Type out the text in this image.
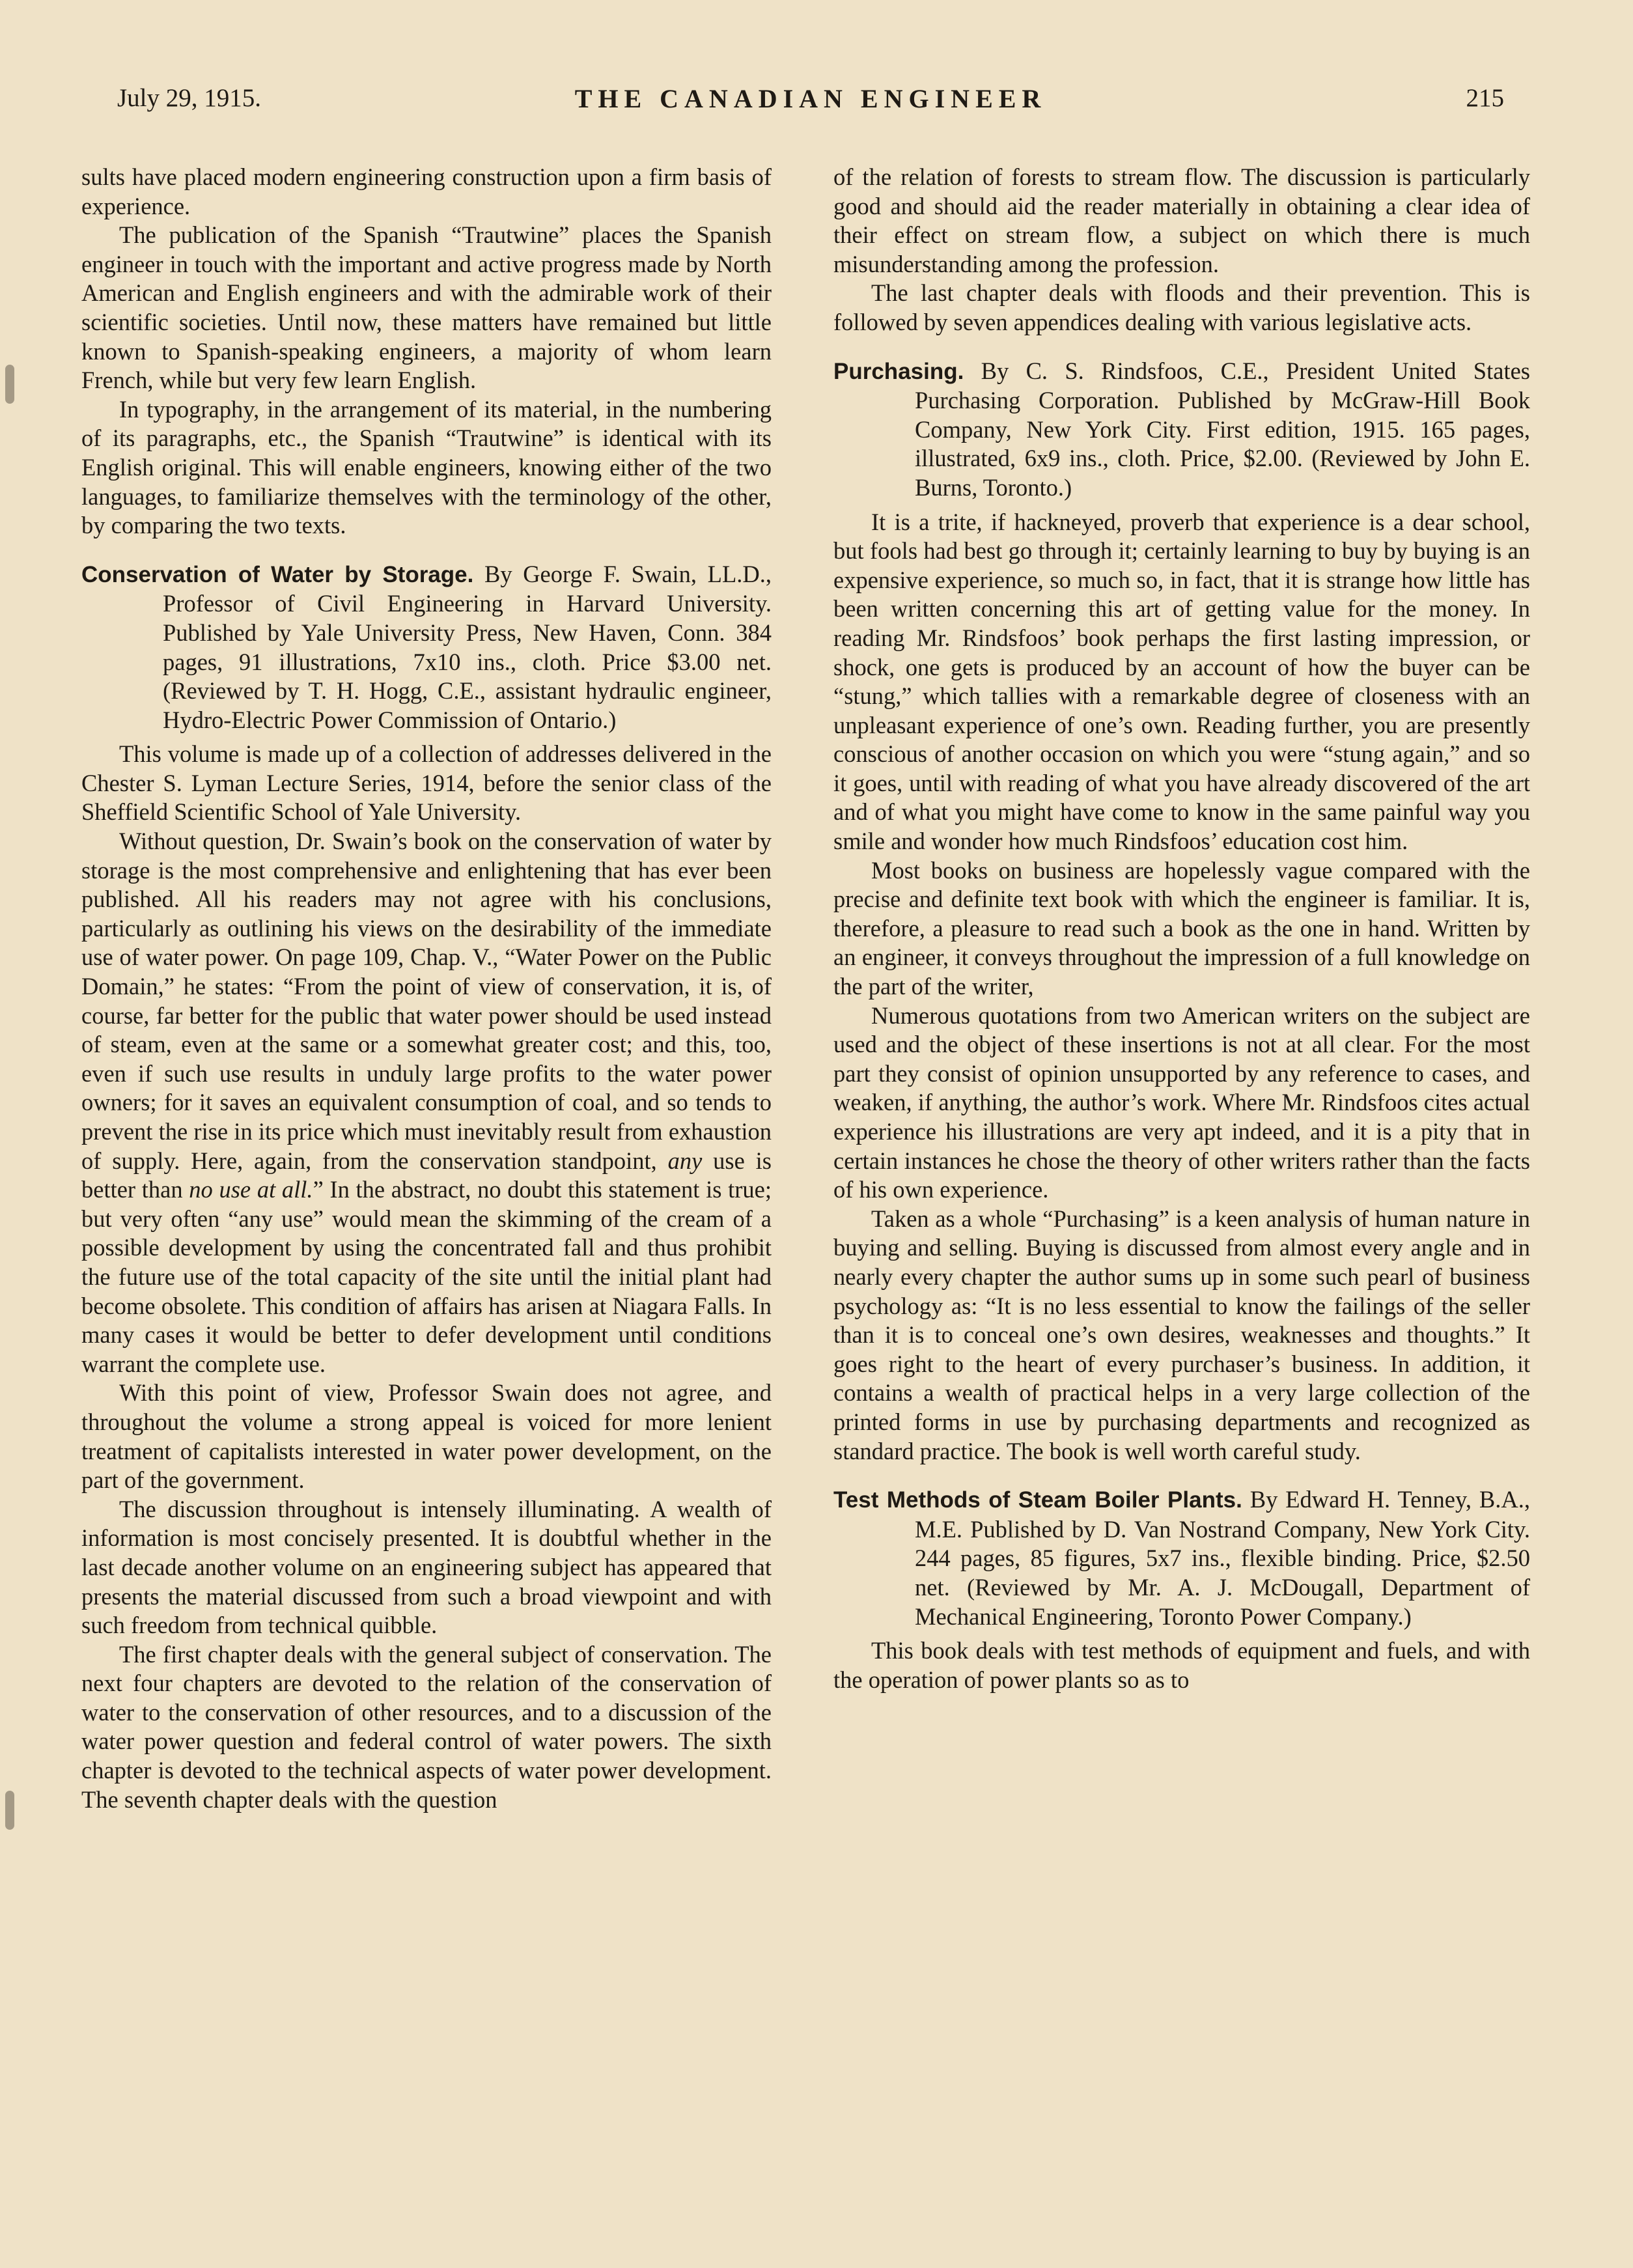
July 29, 1915.	THE CANADIAN ENGINEER	215

sults have placed modern engineering construction upon a firm basis of experience.

The publication of the Spanish “Trautwine” places the Spanish engineer in touch with the important and active progress made by North American and English engineers and with the admirable work of their scientific societies. Until now, these matters have remained but little known to Spanish-speaking engineers, a majority of whom learn French, while but very few learn English.

In typography, in the arrangement of its material, in the numbering of its paragraphs, etc., the Spanish “Trautwine” is identical with its English original. This will enable engineers, knowing either of the two languages, to familiarize themselves with the terminology of the other, by comparing the two texts.

Conservation of Water by Storage. By George F. Swain, LL.D., Professor of Civil Engineering in Harvard University. Published by Yale University Press, New Haven, Conn. 384 pages, 91 illustrations, 7x10 ins., cloth. Price $3.00 net. (Reviewed by T. H. Hogg, C.E., assistant hydraulic engineer, Hydro-Electric Power Commission of Ontario.)

This volume is made up of a collection of addresses delivered in the Chester S. Lyman Lecture Series, 1914, before the senior class of the Sheffield Scientific School of Yale University.

Without question, Dr. Swain’s book on the conservation of water by storage is the most comprehensive and enlightening that has ever been published. All his readers may not agree with his conclusions, particularly as outlining his views on the desirability of the immediate use of water power. On page 109, Chap. V., “Water Power on the Public Domain,” he states: “From the point of view of conservation, it is, of course, far better for the public that water power should be used instead of steam, even at the same or a somewhat greater cost; and this, too, even if such use results in unduly large profits to the water power owners; for it saves an equivalent consumption of coal, and so tends to prevent the rise in its price which must inevitably result from exhaustion of supply. Here, again, from the conservation standpoint, any use is better than no use at all.” In the abstract, no doubt this statement is true; but very often “any use” would mean the skimming of the cream of a possible development by using the concentrated fall and thus prohibit the future use of the total capacity of the site until the initial plant had become obsolete. This condition of affairs has arisen at Niagara Falls. In many cases it would be better to defer development until conditions warrant the complete use.

With this point of view, Professor Swain does not agree, and throughout the volume a strong appeal is voiced for more lenient treatment of capitalists interested in water power development, on the part of the government.

The discussion throughout is intensely illuminating. A wealth of information is most concisely presented. It is doubtful whether in the last decade another volume on an engineering subject has appeared that presents the material discussed from such a broad viewpoint and with such freedom from technical quibble.

The first chapter deals with the general subject of conservation. The next four chapters are devoted to the relation of the conservation of water to the conservation of other resources, and to a discussion of the water power question and federal control of water powers. The sixth chapter is devoted to the technical aspects of water power development. The seventh chapter deals with the question

of the relation of forests to stream flow. The discussion is particularly good and should aid the reader materially in obtaining a clear idea of their effect on stream flow, a subject on which there is much misunderstanding among the profession.

The last chapter deals with floods and their prevention. This is followed by seven appendices dealing with various legislative acts.

Purchasing. By C. S. Rindsfoos, C.E., President United States Purchasing Corporation. Published by McGraw-Hill Book Company, New York City. First edition, 1915. 165 pages, illustrated, 6x9 ins., cloth. Price, $2.00. (Reviewed by John E. Burns, Toronto.)

It is a trite, if hackneyed, proverb that experience is a dear school, but fools had best go through it; certainly learning to buy by buying is an expensive experience, so much so, in fact, that it is strange how little has been written concerning this art of getting value for the money. In reading Mr. Rindsfoos’ book perhaps the first lasting impression, or shock, one gets is produced by an account of how the buyer can be “stung,” which tallies with a remarkable degree of closeness with an unpleasant experience of one’s own. Reading further, you are presently conscious of another occasion on which you were “stung again,” and so it goes, until with reading of what you have already discovered of the art and of what you might have come to know in the same painful way you smile and wonder how much Rindsfoos’ education cost him.

Most books on business are hopelessly vague compared with the precise and definite text book with which the engineer is familiar. It is, therefore, a pleasure to read such a book as the one in hand. Written by an engineer, it conveys throughout the impression of a full knowledge on the part of the writer,

Numerous quotations from two American writers on the subject are used and the object of these insertions is not at all clear. For the most part they consist of opinion unsupported by any reference to cases, and weaken, if anything, the author’s work. Where Mr. Rindsfoos cites actual experience his illustrations are very apt indeed, and it is a pity that in certain instances he chose the theory of other writers rather than the facts of his own experience.

Taken as a whole “Purchasing” is a keen analysis of human nature in buying and selling. Buying is discussed from almost every angle and in nearly every chapter the author sums up in some such pearl of business psychology as: “It is no less essential to know the failings of the seller than it is to conceal one’s own desires, weaknesses and thoughts.” It goes right to the heart of every purchaser’s business. In addition, it contains a wealth of practical helps in a very large collection of the printed forms in use by purchasing departments and recognized as standard practice. The book is well worth careful study.

Test Methods of Steam Boiler Plants. By Edward H. Tenney, B.A., M.E. Published by D. Van Nostrand Company, New York City. 244 pages, 85 figures, 5x7 ins., flexible binding. Price, $2.50 net. (Reviewed by Mr. A. J. McDougall, Department of Mechanical Engineering, Toronto Power Company.)

This book deals with test methods of equipment and fuels, and with the operation of power plants so as to
